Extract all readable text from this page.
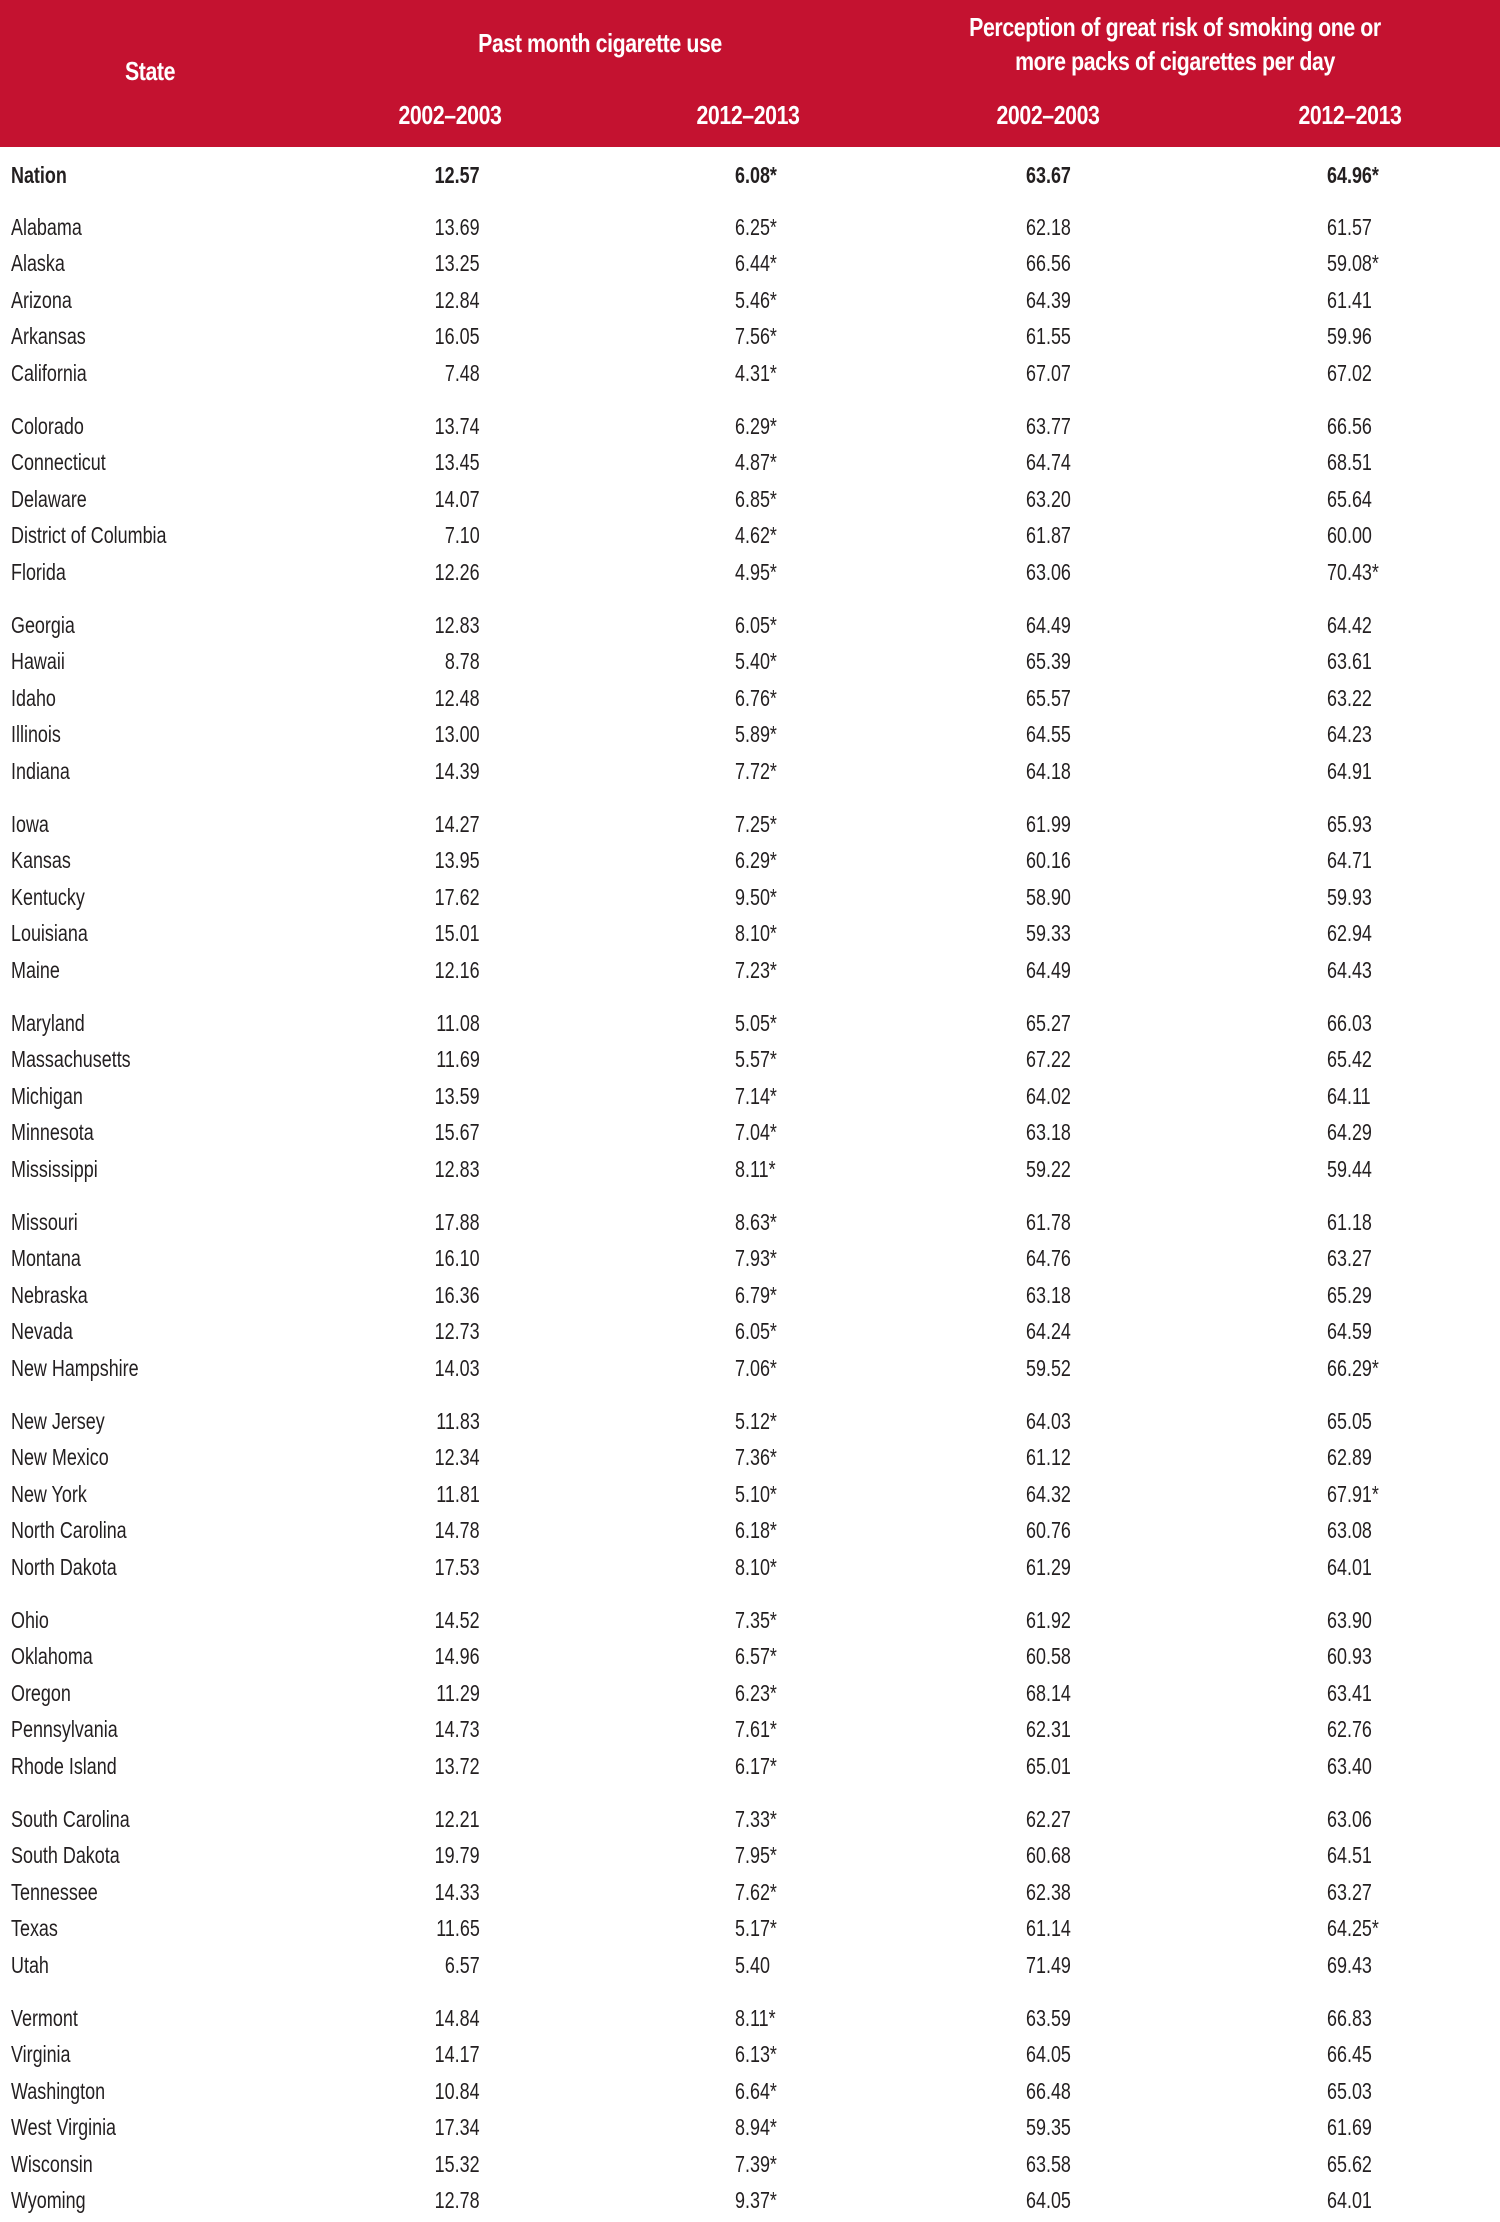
State
Past month cigarette use
Perception of great risk of smoking one or
more packs of cigarettes per day
2002–2003	2012–2013	2002–2003	2012–2013
Nation	12.57	6.08*	63.67	64.96*
Alabama	13.69	6.25*	62.18	61.57
Alaska	13.25	6.44*	66.56	59.08*
Arizona	12.84	5.46*	64.39	61.41
Arkansas	16.05	7.56*	61.55	59.96
California	7.48	4.31*	67.07	67.02
Colorado	13.74	6.29*	63.77	66.56
Connecticut	13.45	4.87*	64.74	68.51
Delaware	14.07	6.85*	63.20	65.64
District of Columbia	7.10	4.62*	61.87	60.00
Florida	12.26	4.95*	63.06	70.43*
Georgia	12.83	6.05*	64.49	64.42
Hawaii	8.78	5.40*	65.39	63.61
Idaho	12.48	6.76*	65.57	63.22
Illinois	13.00	5.89*	64.55	64.23
Indiana	14.39	7.72*	64.18	64.91
Iowa	14.27	7.25*	61.99	65.93
Kansas	13.95	6.29*	60.16	64.71
Kentucky	17.62	9.50*	58.90	59.93
Louisiana	15.01	8.10*	59.33	62.94
Maine	12.16	7.23*	64.49	64.43
Maryland	11.08	5.05*	65.27	66.03
Massachusetts	11.69	5.57*	67.22	65.42
Michigan	13.59	7.14*	64.02	64.11
Minnesota	15.67	7.04*	63.18	64.29
Mississippi	12.83	8.11*	59.22	59.44
Missouri	17.88	8.63*	61.78	61.18
Montana	16.10	7.93*	64.76	63.27
Nebraska	16.36	6.79*	63.18	65.29
Nevada	12.73	6.05*	64.24	64.59
New Hampshire	14.03	7.06*	59.52	66.29*
New Jersey	11.83	5.12*	64.03	65.05
New Mexico	12.34	7.36*	61.12	62.89
New York	11.81	5.10*	64.32	67.91*
North Carolina	14.78	6.18*	60.76	63.08
North Dakota	17.53	8.10*	61.29	64.01
Ohio	14.52	7.35*	61.92	63.90
Oklahoma	14.96	6.57*	60.58	60.93
Oregon	11.29	6.23*	68.14	63.41
Pennsylvania	14.73	7.61*	62.31	62.76
Rhode Island	13.72	6.17*	65.01	63.40
South Carolina	12.21	7.33*	62.27	63.06
South Dakota	19.79	7.95*	60.68	64.51
Tennessee	14.33	7.62*	62.38	63.27
Texas	11.65	5.17*	61.14	64.25*
Utah	6.57	5.40	71.49	69.43
Vermont	14.84	8.11*	63.59	66.83
Virginia	14.17	6.13*	64.05	66.45
Washington	10.84	6.64*	66.48	65.03
West Virginia	17.34	8.94*	59.35	61.69
Wisconsin	15.32	7.39*	63.58	65.62
Wyoming	12.78	9.37*	64.05	64.01
